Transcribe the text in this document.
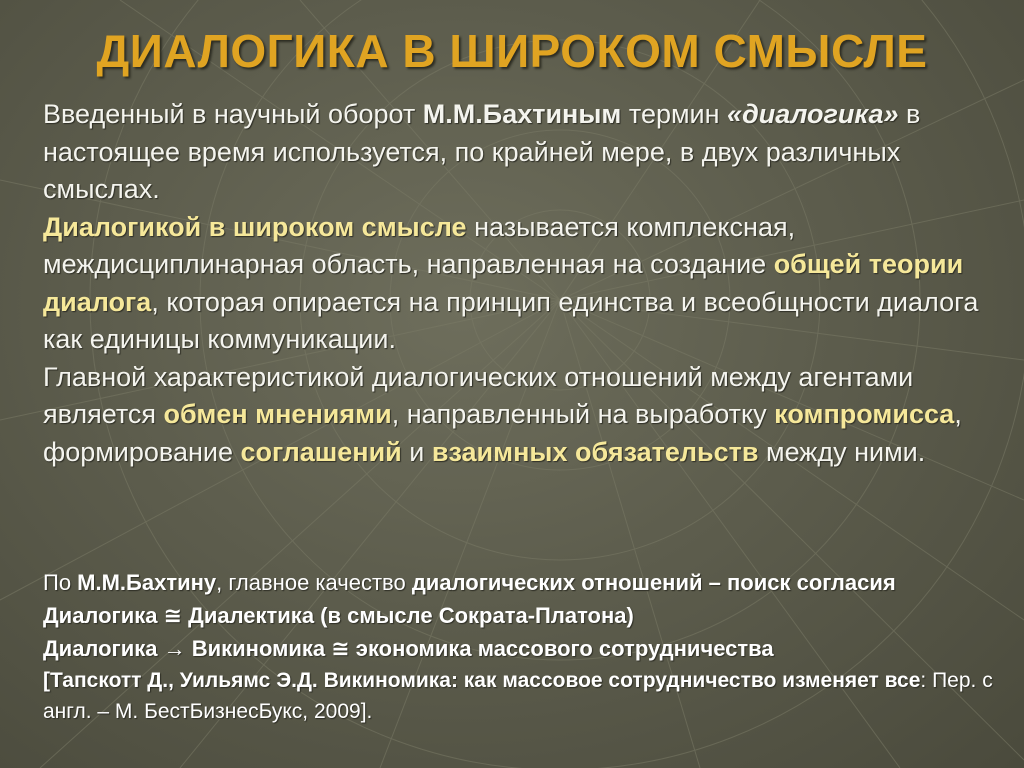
ДИАЛОГИКА В ШИРОКОМ СМЫСЛЕ

Введенный в научный оборот М.М.Бахтиным термин «диалогика» в настоящее время используется, по крайней мере, в двух различных смыслах.

Диалогикой в широком смысле называется комплексная, междисциплинарная область, направленная на создание общей теории диалога, которая опирается на принцип единства и всеобщности диалога как единицы коммуникации.

Главной характеристикой диалогических отношений между агентами является обмен мнениями, направленный на выработку компромисса, формирование соглашений и взаимных обязательств между ними.

По М.М.Бахтину, главное качество диалогических отношений – поиск согласия

Диалогика ≅ Диалектика (в смысле Сократа-Платона)

Диалогика → Викиномика ≅ экономика массового сотрудничества

[Тапскотт Д., Уильямс Э.Д. Викиномика: как массовое сотрудничество изменяет все: Пер. с англ. – М. БестБизнесБукс, 2009].
